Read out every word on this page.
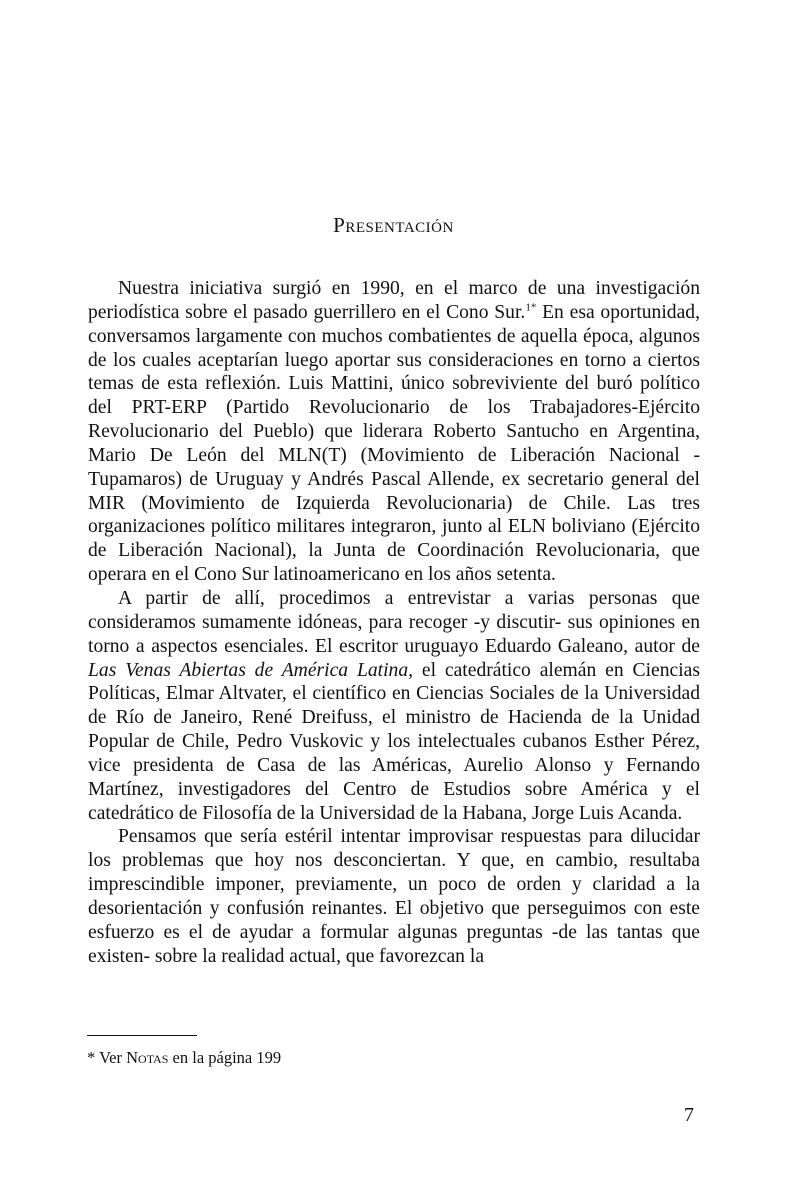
Presentación

Nuestra iniciativa surgió en 1990, en el marco de una investigación periodística sobre el pasado guerrillero en el Cono Sur.$^{1*}$ En esa oportunidad, conversamos largamente con muchos combatientes de aquella época, algunos de los cuales aceptarían luego aportar sus consideraciones en torno a ciertos temas de esta reflexión. Luis Mattini, único sobreviviente del buró político del PRT-ERP (Partido Revolucionario de los Trabajadores-Ejército Revolucionario del Pueblo) que liderara Roberto Santucho en Argentina, Mario De León del MLN(T) (Movimiento de Liberación Nacional - Tupamaros) de Uruguay y Andrés Pascal Allende, ex secretario general del MIR (Movimiento de Izquierda Revolucionaria) de Chile. Las tres organizaciones político militares integraron, junto al ELN boliviano (Ejército de Liberación Nacional), la Junta de Coordinación Revolucionaria, que operara en el Cono Sur latinoamericano en los años setenta.

A partir de allí, procedimos a entrevistar a varias personas que consideramos sumamente idóneas, para recoger -y discutir- sus opiniones en torno a aspectos esenciales. El escritor uruguayo Eduardo Galeano, autor de Las Venas Abiertas de América Latina, el catedrático alemán en Ciencias Políticas, Elmar Altvater, el científico en Ciencias Sociales de la Universidad de Río de Janeiro, René Dreifuss, el ministro de Hacienda de la Unidad Popular de Chile, Pedro Vuskovic y los intelectuales cubanos Esther Pérez, vice presidenta de Casa de las Américas, Aurelio Alonso y Fernando Martínez, investigadores del Centro de Estudios sobre América y el catedrático de Filosofía de la Universidad de la Habana, Jorge Luis Acanda.

Pensamos que sería estéril intentar improvisar respuestas para dilucidar los problemas que hoy nos desconciertan. Y que, en cambio, resultaba imprescindible imponer, previamente, un poco de orden y claridad a la desorientación y confusión reinantes. El objetivo que perseguimos con este esfuerzo es el de ayudar a formular algunas preguntas -de las tantas que existen- sobre la realidad actual, que favorezcan la

* Ver Notas en la página 199
7
